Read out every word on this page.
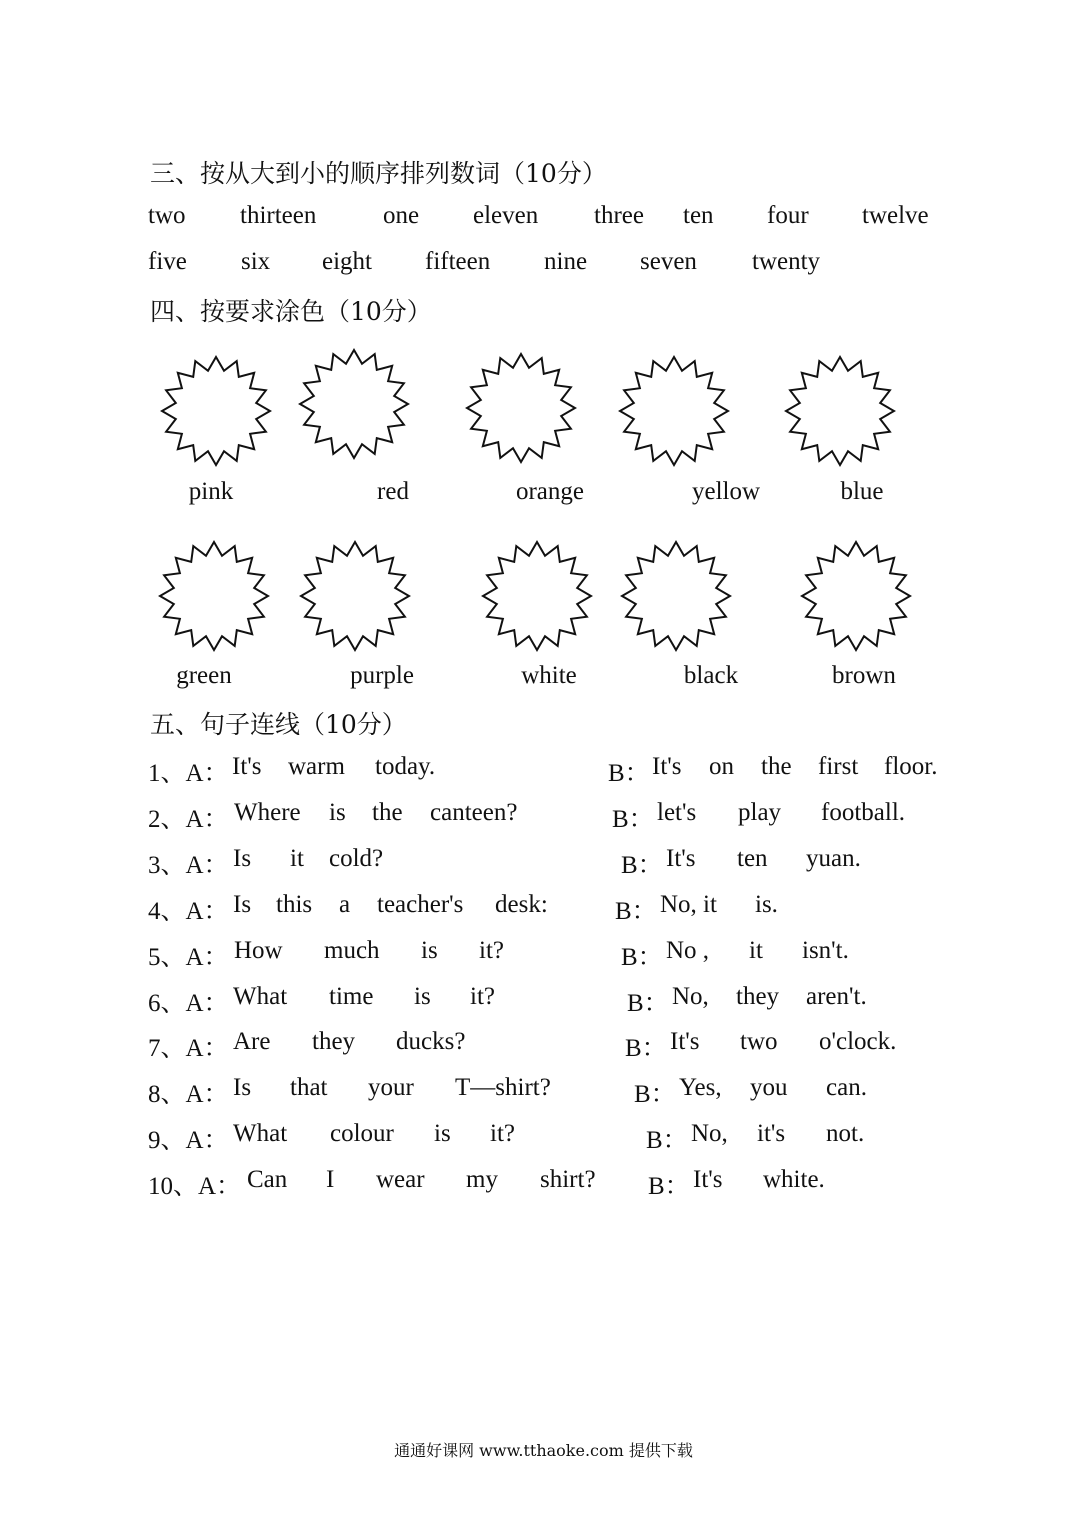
三、按从大到小的顺序排列数词（10分）
two thirteen	one eleven three ten four twelve
five six eight fifteen nine seven twenty
四、按要求涂色（10分）
pink	red	orange	yellow	blue
green	purple	white	black	brown
五、句子连线（10分）
1、A： It's warm today.	B： It's on the first floor.
2、A： Where is the canteen?	B： let's play football.
3、A： Is it cold?	B： It's ten yuan.
4、A： Is this a teacher's desk:	B： No, it is.
5、A： How much is it?	B： No , it isn't.
6、A： What time is it?	B： No, they aren't.
7、A： Are they ducks?	B： It's two o'clock.
8、A： Is that your T—shirt?	B： Yes, you can.
9、A： What colour is it?	B： No, it's not.
10、A： Can I wear my shirt? B： It's white.
通通好课网 www.tthaoke.com 提供下载
